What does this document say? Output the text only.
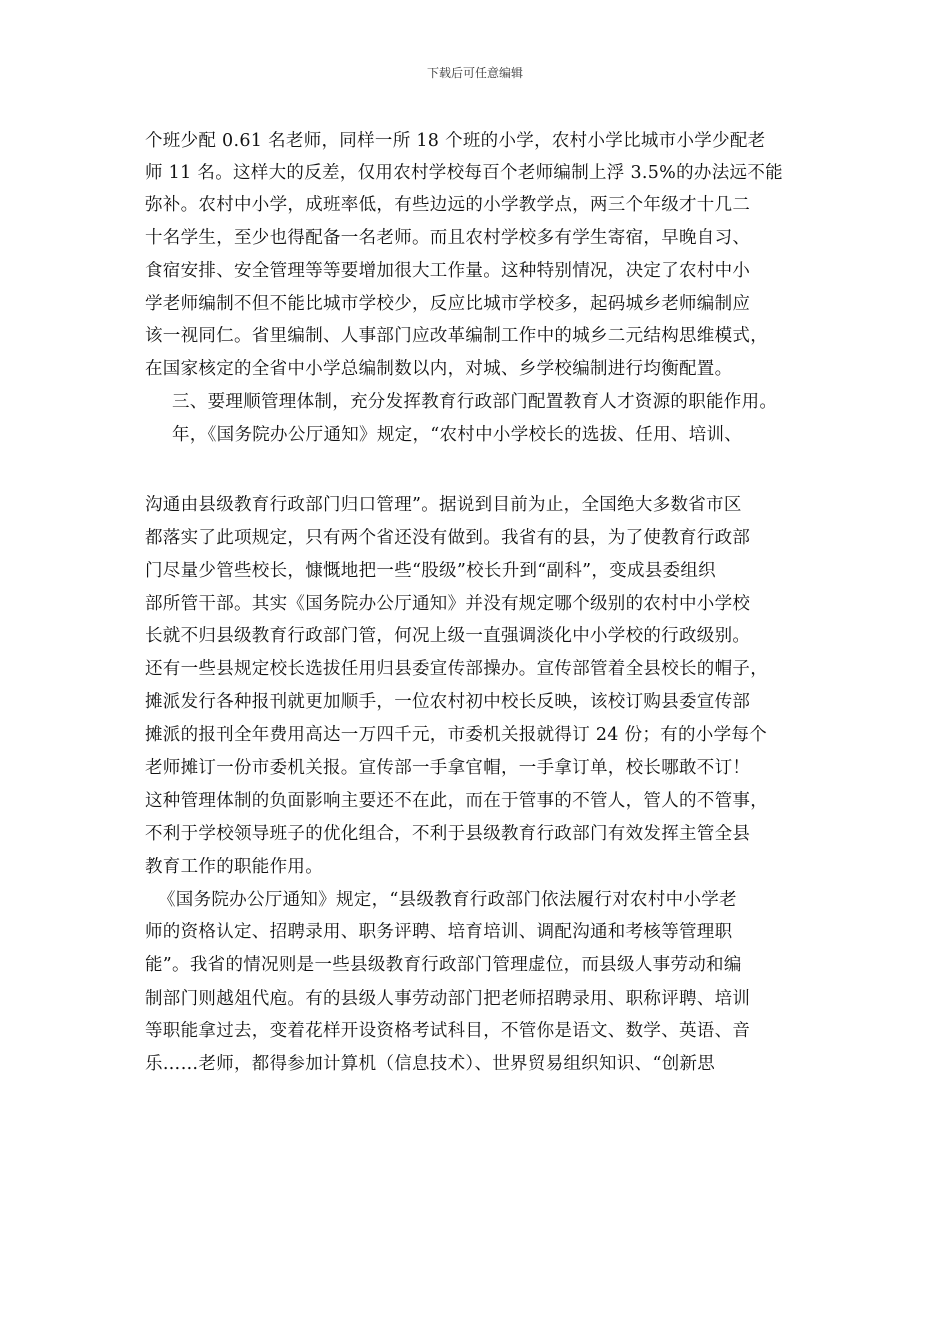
下载后可任意编辑
个班少配 0.61 名老师，同样一所 18 个班的小学，农村小学比城市小学少配老
师 11 名。这样大的反差，仅用农村学校每百个老师编制上浮 3.5%的办法远不能
弥补。农村中小学，成班率低，有些边远的小学教学点，两三个年级才十几二
十名学生，至少也得配备一名老师。而且农村学校多有学生寄宿，早晚自习、
食宿安排、安全管理等等要增加很大工作量。这种特别情况，决定了农村中小
学老师编制不但不能比城市学校少，反应比城市学校多，起码城乡老师编制应
该一视同仁。省里编制、人事部门应改革编制工作中的城乡二元结构思维模式，
在国家核定的全省中小学总编制数以内，对城、乡学校编制进行均衡配置。
三、要理顺管理体制，充分发挥教育行政部门配置教育人才资源的职能作用。
年，《国务院办公厅通知》规定，“农村中小学校长的选拔、任用、培训、
沟通由县级教育行政部门归口管理”。据说到目前为止，全国绝大多数省市区
都落实了此项规定，只有两个省还没有做到。我省有的县，为了使教育行政部
门尽量少管些校长，慷慨地把一些“股级”校长升到“副科”，变成县委组织
部所管干部。其实《国务院办公厅通知》并没有规定哪个级别的农村中小学校
长就不归县级教育行政部门管，何况上级一直强调淡化中小学校的行政级别。
还有一些县规定校长选拔任用归县委宣传部操办。宣传部管着全县校长的帽子，
摊派发行各种报刊就更加顺手，一位农村初中校长反映，该校订购县委宣传部
摊派的报刊全年费用高达一万四千元，市委机关报就得订 24 份；有的小学每个
老师摊订一份市委机关报。宣传部一手拿官帽，一手拿订单，校长哪敢不订！
这种管理体制的负面影响主要还不在此，而在于管事的不管人，管人的不管事，
不利于学校领导班子的优化组合，不利于县级教育行政部门有效发挥主管全县
教育工作的职能作用。
《国务院办公厅通知》规定，“县级教育行政部门依法履行对农村中小学老
师的资格认定、招聘录用、职务评聘、培育培训、调配沟通和考核等管理职
能”。我省的情况则是一些县级教育行政部门管理虚位，而县级人事劳动和编
制部门则越俎代庖。有的县级人事劳动部门把老师招聘录用、职称评聘、培训
等职能拿过去，变着花样开设资格考试科目，不管你是语文、数学、英语、音
乐……老师，都得参加计算机（信息技术）、世界贸易组织知识、“创新思
